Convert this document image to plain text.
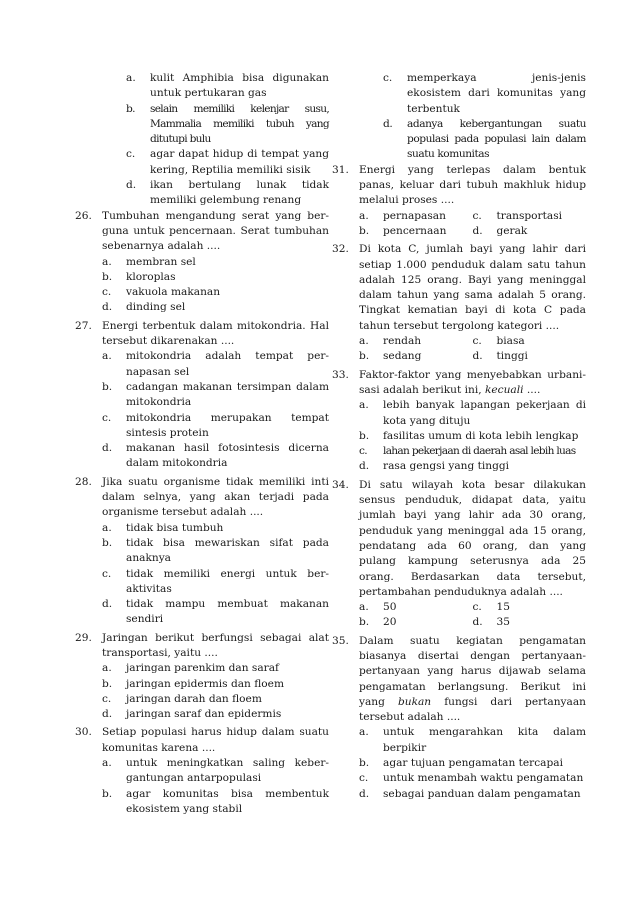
a. kulit Amphibia bisa digunakan untuk pertukaran gas
b. selain memiliki kelenjar susu, Mammalia memiliki tubuh yang ditutupi bulu
c. agar dapat hidup di tempat yang kering, Reptilia memiliki sisik
d. ikan bertulang lunak tidak memiliki gelembung renang
26. Tumbuhan mengandung serat yang ber-guna untuk pencernaan. Serat tumbuhan sebenarnya adalah ....
a. membran sel
b. kloroplas
c. vakuola makanan
d. dinding sel
27. Energi terbentuk dalam mitokondria. Hal tersebut dikarenakan ....
a. mitokondria adalah tempat per-napasan sel
b. cadangan makanan tersimpan dalam mitokondria
c. mitokondria merupakan tempat sintesis protein
d. makanan hasil fotosintesis dicerna dalam mitokondria
28. Jika suatu organisme tidak memiliki inti dalam selnya, yang akan terjadi pada organisme tersebut adalah ....
a. tidak bisa tumbuh
b. tidak bisa mewariskan sifat pada anaknya
c. tidak memiliki energi untuk ber-aktivitas
d. tidak mampu membuat makanan sendiri
29. Jaringan berikut berfungsi sebagai alat transportasi, yaitu ....
a. jaringan parenkim dan saraf
b. jaringan epidermis dan floem
c. jaringan darah dan floem
d. jaringan saraf dan epidermis
30. Setiap populasi harus hidup dalam suatu komunitas karena ....
a. untuk meningkatkan saling keber-gantungan antarpopulasi
b. agar komunitas bisa membentuk ekosistem yang stabil
c. memperkaya jenis-jenis ekosistem dari komunitas yang terbentuk
d. adanya kebergantungan suatu populasi pada populasi lain dalam suatu komunitas
31. Energi yang terlepas dalam bentuk panas, keluar dari tubuh makhluk hidup melalui proses ....
a. pernapasan	c. transportasi
b. pencernaan	d. gerak
32. Di kota C, jumlah bayi yang lahir dari setiap 1.000 penduduk dalam satu tahun adalah 125 orang. Bayi yang meninggal dalam tahun yang sama adalah 5 orang. Tingkat kematian bayi di kota C pada tahun tersebut tergolong kategori ....
a. rendah	c. biasa
b. sedang	d. tinggi
33. Faktor-faktor yang menyebabkan urbani-sasi adalah berikut ini, kecuali ....
a. lebih banyak lapangan pekerjaan di kota yang dituju
b. fasilitas umum di kota lebih lengkap
c. lahan pekerjaan di daerah asal lebih luas
d. rasa gengsi yang tinggi
34. Di satu wilayah kota besar dilakukan sensus penduduk, didapat data, yaitu jumlah bayi yang lahir ada 30 orang, penduduk yang meninggal ada 15 orang, pendatang ada 60 orang, dan yang pulang kampung seterusnya ada 25 orang. Berdasarkan data tersebut, pertambahan penduduknya adalah ....
a. 50	c. 15
b. 20	d. 35
35. Dalam suatu kegiatan pengamatan biasanya disertai dengan pertanyaan-pertanyaan yang harus dijawab selama pengamatan berlangsung. Berikut ini yang bukan fungsi dari pertanyaan tersebut adalah ....
a. untuk mengarahkan kita dalam berpikir
b. agar tujuan pengamatan tercapai
c. untuk menambah waktu pengamatan
d. sebagai panduan dalam pengamatan
